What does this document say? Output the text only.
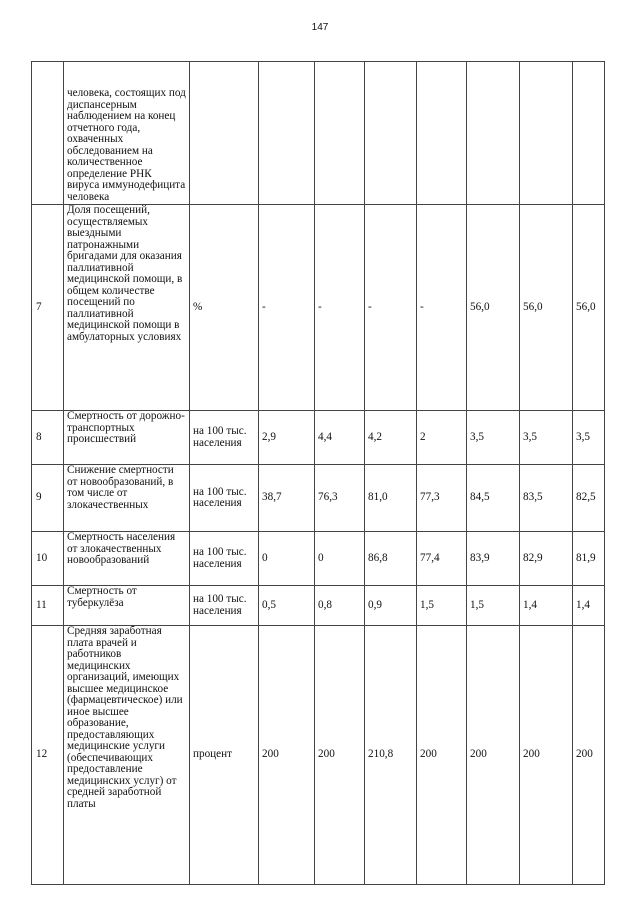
147
	человека, состоящих под диспансерным наблюдением на конец отчетного года, охваченных обследованием на количественное определение РНК вируса иммунодефицита человека								
7	Доля посещений, осуществляемых выездными патронажными бригадами для оказания паллиативной медицинской помощи, в общем количестве посещений по паллиативной медицинской помощи в амбулаторных условиях	%	-	-	-	-	56,0	56,0	56,0
8	Смертность от дорожно-транспортных происшествий	на 100 тыс. населения	2,9	4,4	4,2	2	3,5	3,5	3,5
9	Снижение смертности от новообразований, в том числе от злокачественных	на 100 тыс. населения	38,7	76,3	81,0	77,3	84,5	83,5	82,5
10	Смертность населения от злокачественных новообразований	на 100 тыс. населения	0	0	86,8	77,4	83,9	82,9	81,9
11	Смертность от туберкулёза	на 100 тыс. населения	0,5	0,8	0,9	1,5	1,5	1,4	1,4
12	Средняя заработная плата врачей и работников медицинских организаций, имеющих высшее медицинское (фармацевтическое) или иное высшее образование, предоставляющих медицинские услуги (обеспечивающих предоставление медицинских услуг) от средней заработной платы	процент	200	200	210,8	200	200	200	200
